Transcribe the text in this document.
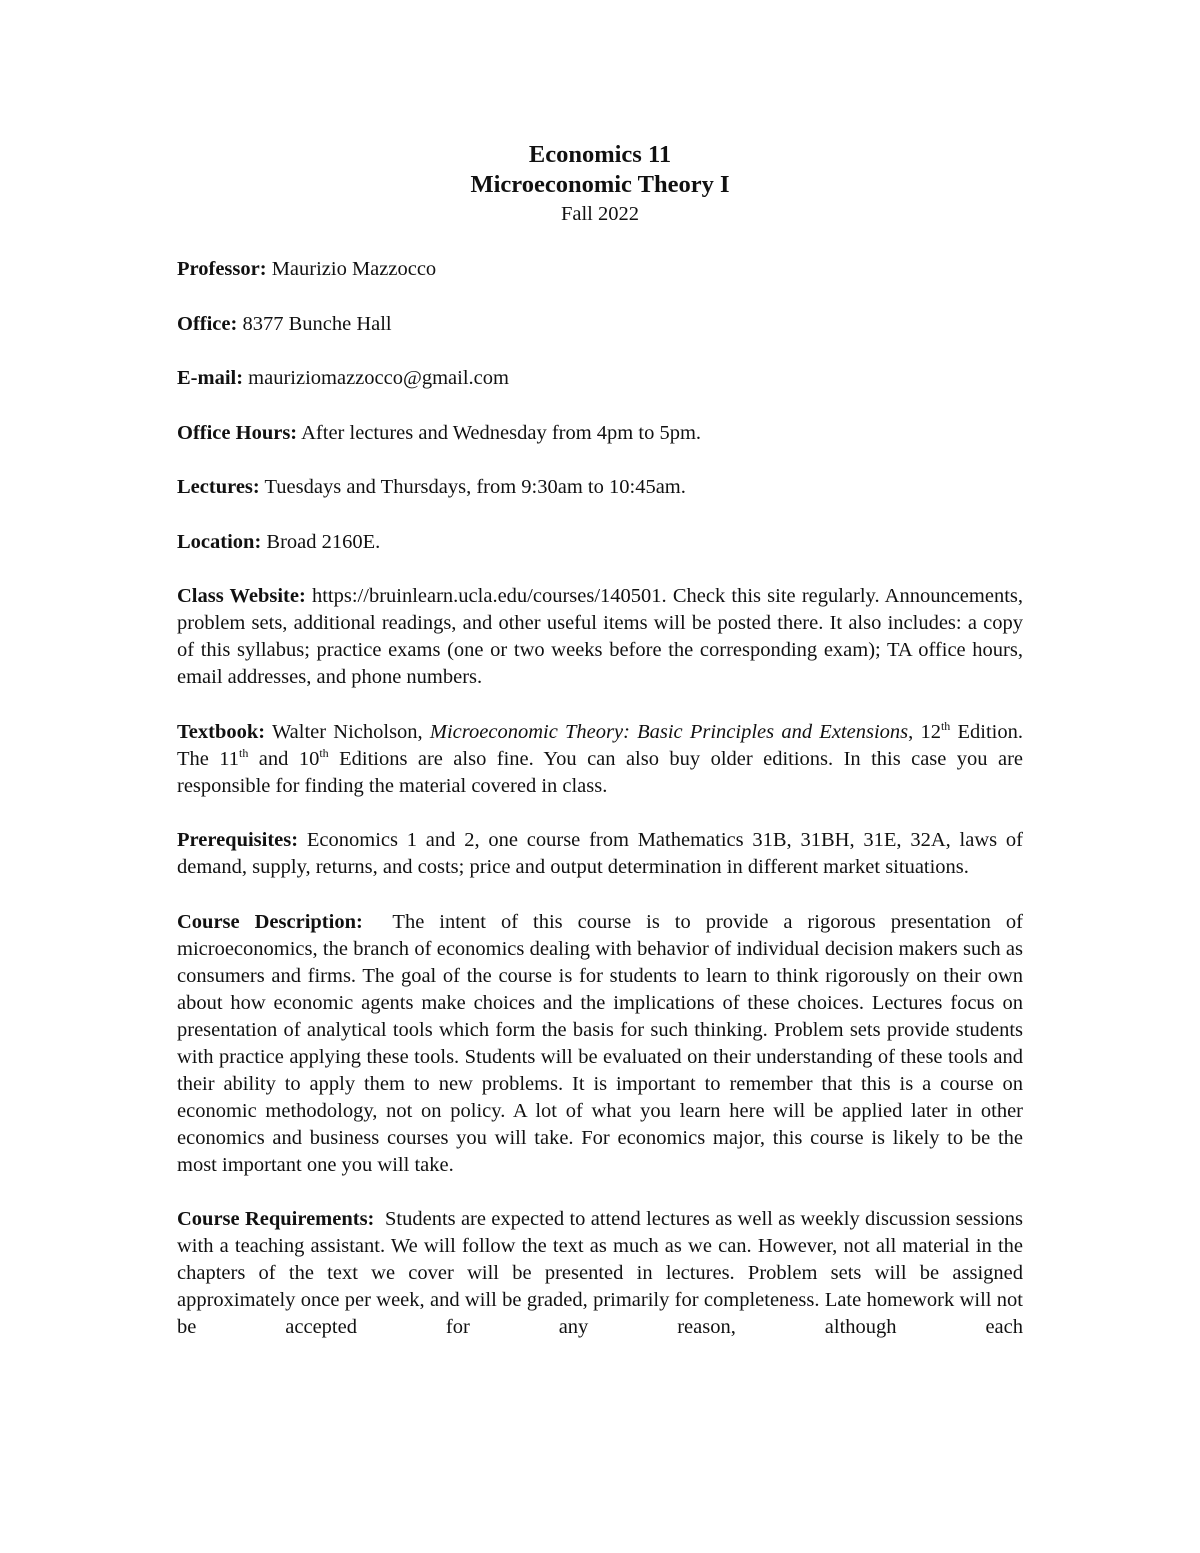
Economics 11
Microeconomic Theory I
Fall 2022

Professor: Maurizio Mazzocco

Office: 8377 Bunche Hall

E-mail: mauriziomazzocco@gmail.com

Office Hours: After lectures and Wednesday from 4pm to 5pm.

Lectures: Tuesdays and Thursdays, from 9:30am to 10:45am.

Location: Broad 2160E.

Class Website: https://bruinlearn.ucla.edu/courses/140501. Check this site regularly. Announcements, problem sets, additional readings, and other useful items will be posted there. It also includes: a copy of this syllabus; practice exams (one or two weeks before the corresponding exam); TA office hours, email addresses, and phone numbers.

Textbook: Walter Nicholson, Microeconomic Theory: Basic Principles and Extensions, 12th Edition. The 11th and 10th Editions are also fine. You can also buy older editions. In this case you are responsible for finding the material covered in class.

Prerequisites: Economics 1 and 2, one course from Mathematics 31B, 31BH, 31E, 32A, laws of demand, supply, returns, and costs; price and output determination in different market situations.

Course Description: The intent of this course is to provide a rigorous presentation of microeconomics, the branch of economics dealing with behavior of individual decision makers such as consumers and firms. The goal of the course is for students to learn to think rigorously on their own about how economic agents make choices and the implications of these choices. Lectures focus on presentation of analytical tools which form the basis for such thinking. Problem sets provide students with practice applying these tools. Students will be evaluated on their understanding of these tools and their ability to apply them to new problems. It is important to remember that this is a course on economic methodology, not on policy. A lot of what you learn here will be applied later in other economics and business courses you will take. For economics major, this course is likely to be the most important one you will take.

Course Requirements: Students are expected to attend lectures as well as weekly discussion sessions with a teaching assistant. We will follow the text as much as we can. However, not all material in the chapters of the text we cover will be presented in lectures. Problem sets will be assigned approximately once per week, and will be graded, primarily for completeness. Late homework will not be accepted for any reason, although each
